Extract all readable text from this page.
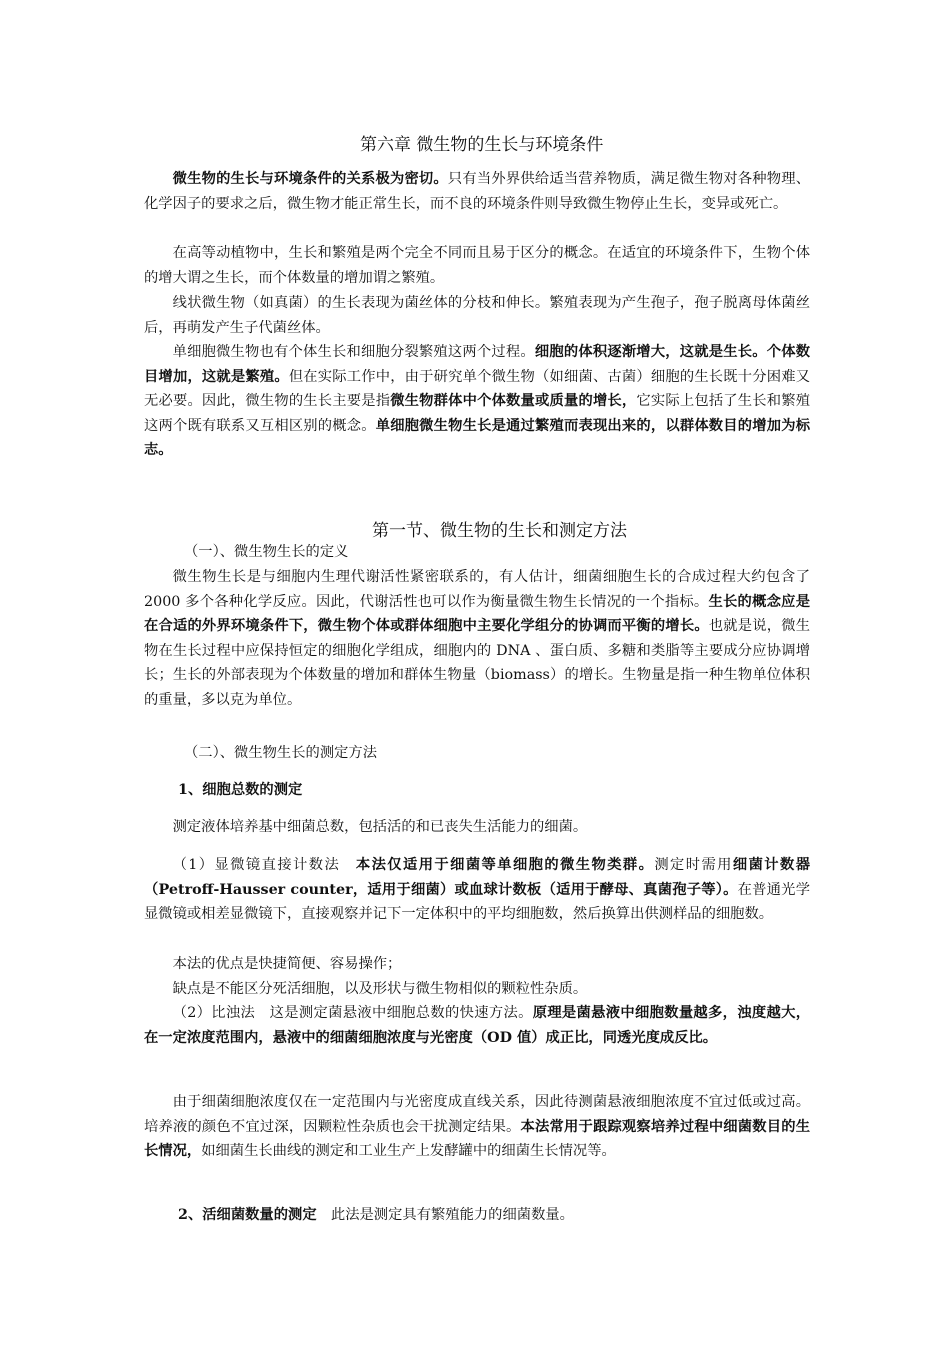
第六章 微生物的生长与环境条件

微生物的生长与环境条件的关系极为密切。只有当外界供给适当营养物质，满足微生物对各种物理、化学因子的要求之后，微生物才能正常生长，而不良的环境条件则导致微生物停止生长，变异或死亡。

在高等动植物中，生长和繁殖是两个完全不同而且易于区分的概念。在适宜的环境条件下，生物个体的增大谓之生长，而个体数量的增加谓之繁殖。

线状微生物（如真菌）的生长表现为菌丝体的分枝和伸长。繁殖表现为产生孢子，孢子脱离母体菌丝后，再萌发产生子代菌丝体。

单细胞微生物也有个体生长和细胞分裂繁殖这两个过程。细胞的体积逐渐增大，这就是生长。个体数目增加，这就是繁殖。但在实际工作中，由于研究单个微生物（如细菌、古菌）细胞的生长既十分困难又无必要。因此，微生物的生长主要是指微生物群体中个体数量或质量的增长，它实际上包括了生长和繁殖这两个既有联系又互相区别的概念。单细胞微生物生长是通过繁殖而表现出来的，以群体数目的增加为标志。

第一节、微生物的生长和测定方法

（一）、微生物生长的定义

微生物生长是与细胞内生理代谢活性紧密联系的，有人估计，细菌细胞生长的合成过程大约包含了 2000 多个各种化学反应。因此，代谢活性也可以作为衡量微生物生长情况的一个指标。生长的概念应是在合适的外界环境条件下，微生物个体或群体细胞中主要化学组分的协调而平衡的增长。也就是说，微生物在生长过程中应保持恒定的细胞化学组成，细胞内的 DNA 、蛋白质、多糖和类脂等主要成分应协调增长；生长的外部表现为个体数量的增加和群体生物量（biomass）的增长。生物量是指一种生物单位体积的重量，多以克为单位。

（二）、微生物生长的测定方法

1、细胞总数的测定

测定液体培养基中细菌总数，包括活的和已丧失生活能力的细菌。

（1）显微镜直接计数法　本法仅适用于细菌等单细胞的微生物类群。测定时需用细菌计数器（Petroff-Hausser counter，适用于细菌）或血球计数板（适用于酵母、真菌孢子等）。在普通光学显微镜或相差显微镜下，直接观察并记下一定体积中的平均细胞数，然后换算出供测样品的细胞数。

本法的优点是快捷简便、容易操作；

缺点是不能区分死活细胞，以及形状与微生物相似的颗粒性杂质。

（2）比浊法　这是测定菌悬液中细胞总数的快速方法。原理是菌悬液中细胞数量越多，浊度越大，在一定浓度范围内，悬液中的细菌细胞浓度与光密度（OD 值）成正比，同透光度成反比。

由于细菌细胞浓度仅在一定范围内与光密度成直线关系，因此待测菌悬液细胞浓度不宜过低或过高。培养液的颜色不宜过深，因颗粒性杂质也会干扰测定结果。本法常用于跟踪观察培养过程中细菌数目的生长情况，如细菌生长曲线的测定和工业生产上发酵罐中的细菌生长情况等。

2、活细菌数量的测定　此法是测定具有繁殖能力的细菌数量。
